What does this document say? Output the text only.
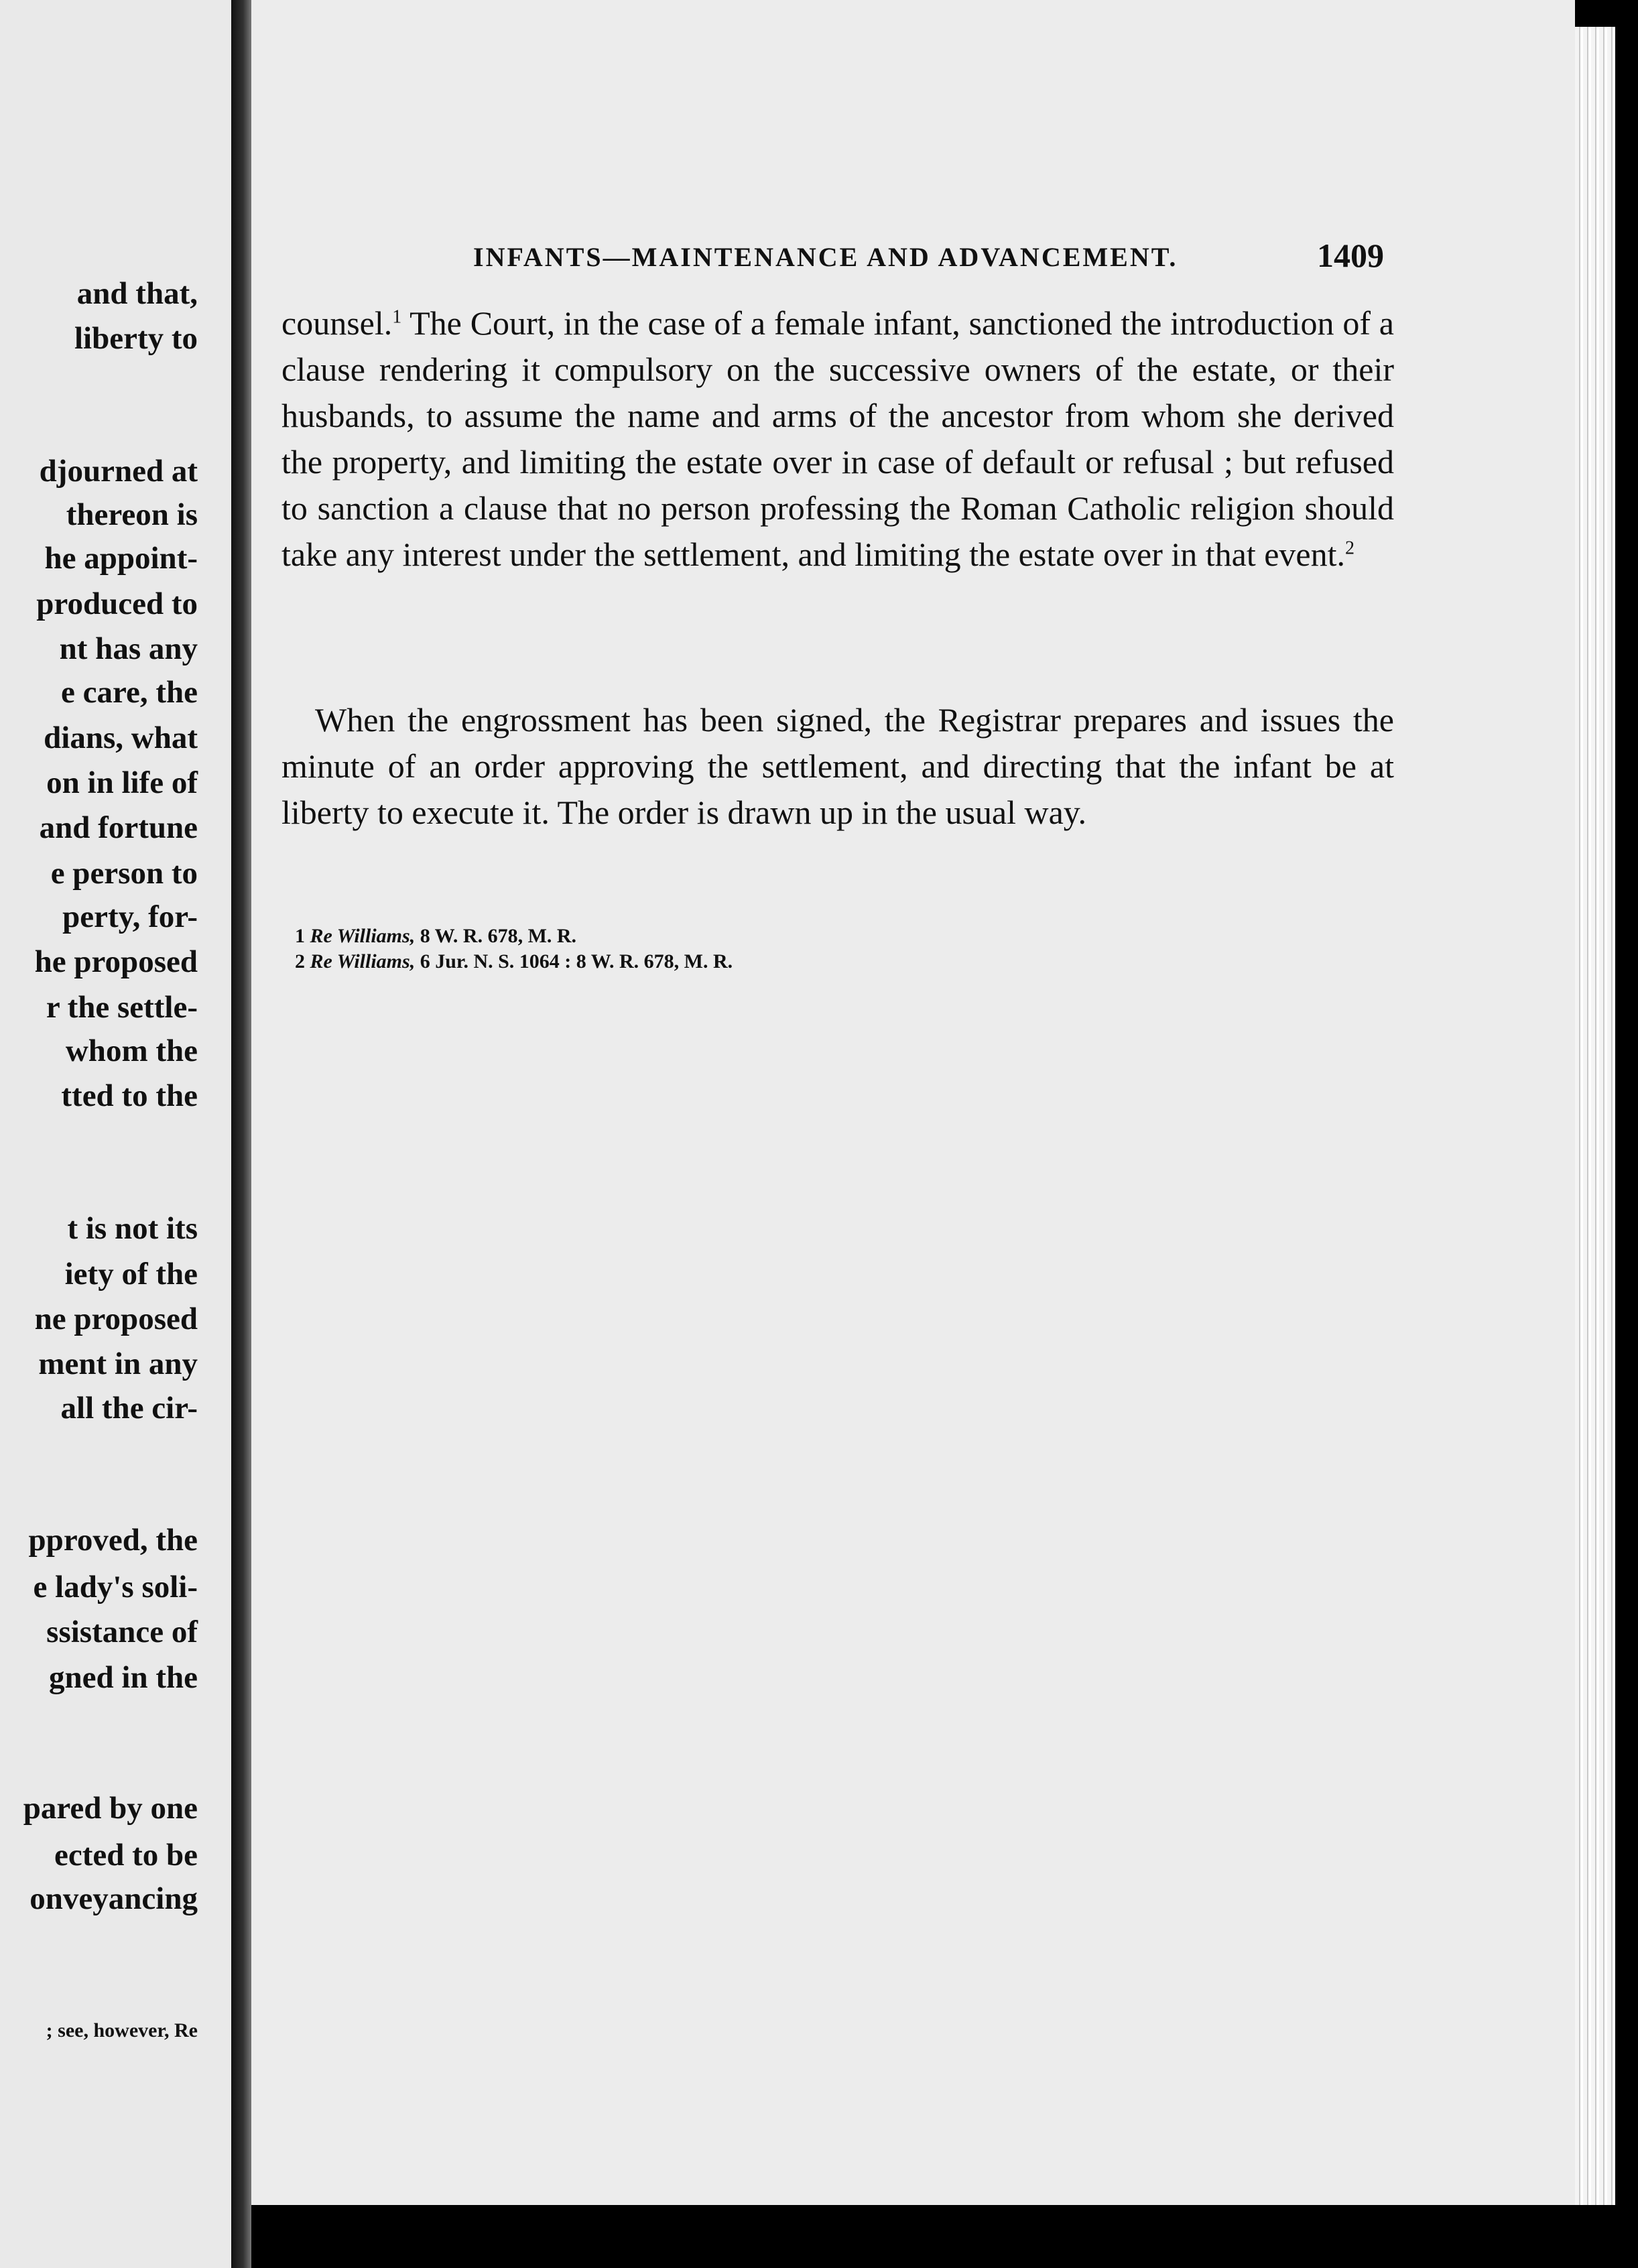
and that,
liberty to
djourned at
thereon is
he appoint-
produced to
nt has any
e care, the
dians, what
on in life of
and fortune
e person to
perty, for-
he proposed
r the settle-
whom the
tted to the
t is not its
iety of the
ne proposed
ment in any
all the cir-
pproved, the
e lady's soli-
ssistance of
gned in the
pared by one
ected to be
onveyancing
; see, however, Re
INFANTS—MAINTENANCE AND ADVANCEMENT.	1409

counsel.$^1$ The Court, in the case of a female infant, sanctioned the introduction of a clause rendering it compulsory on the successive owners of the estate, or their husbands, to assume the name and arms of the ancestor from whom she derived the property, and limiting the estate over in case of default or refusal ; but refused to sanction a clause that no person professing the Roman Catholic religion should take any interest under the settlement, and limiting the estate over in that event.$^2$

When the engrossment has been signed, the Registrar prepares and issues the minute of an order approving the settlement, and directing that the infant be at liberty to execute it. The order is drawn up in the usual way.

1 Re Williams, 8 W. R. 678, M. R.
2 Re Williams, 6 Jur. N. S. 1064 : 8 W. R. 678, M. R.
